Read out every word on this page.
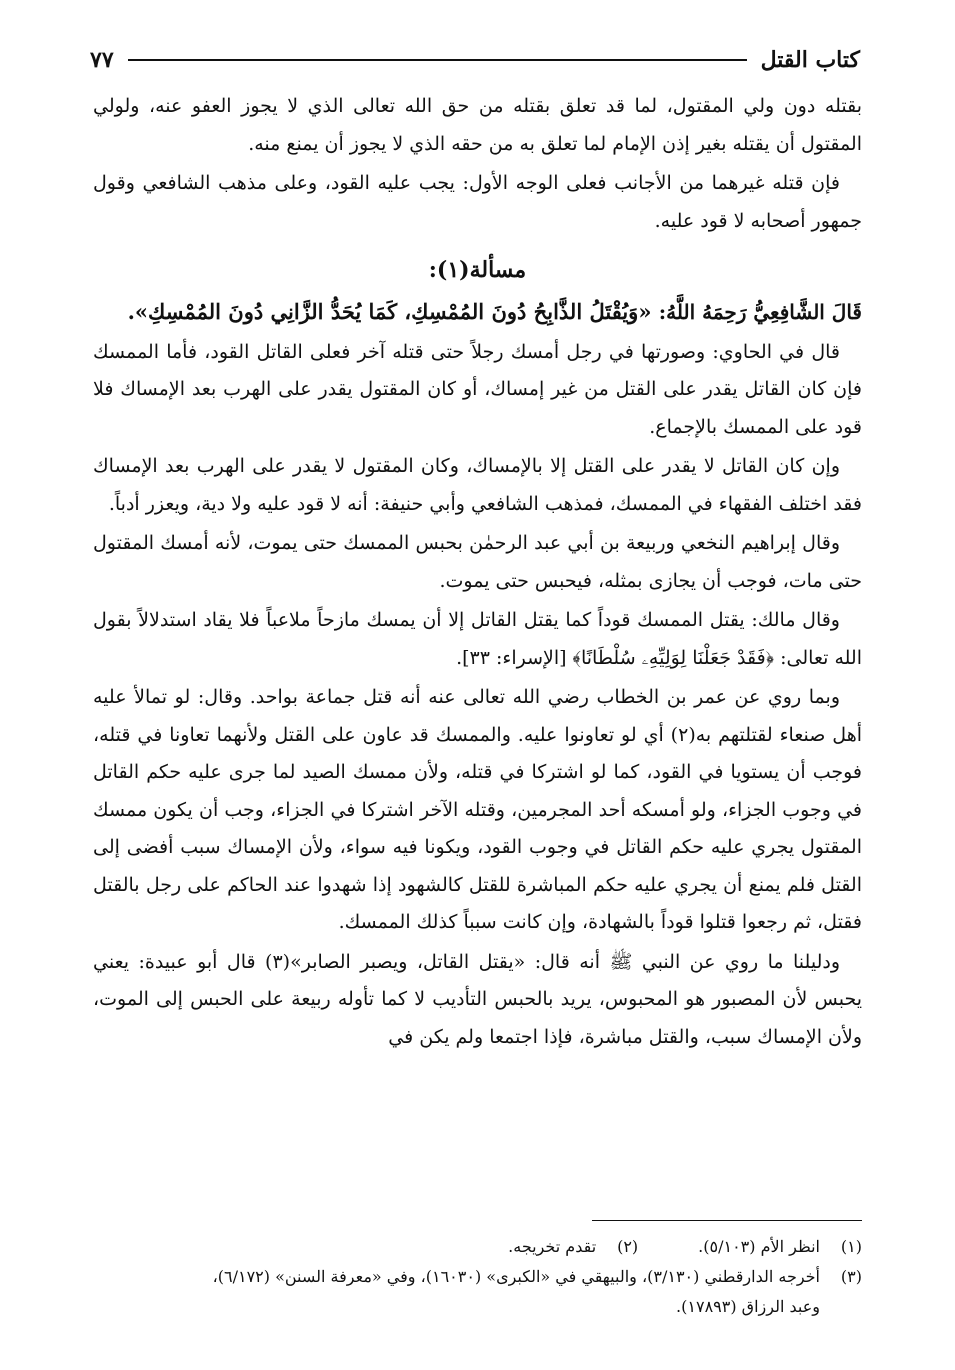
كتاب القتل
٧٧

بقتله دون ولي المقتول، لما قد تعلق بقتله من حق الله تعالى الذي لا يجوز العفو عنه، ولولي المقتول أن يقتله بغير إذن الإمام لما تعلق به من حقه الذي لا يجوز أن يمنع منه.

فإن قتله غيرهما من الأجانب فعلى الوجه الأول: يجب عليه القود، وعلى مذهب الشافعي وقول جمهور أصحابه لا قود عليه.

مسألة(١):
قَالَ الشَّافِعِيُّ رَحِمَهُ اللَّهُ: «وَيُقْتَلُ الذَّابِحُ دُونَ المُمْسِكِ، كَمَا يُحَدُّ الزَّانِي دُونَ المُمْسِكِ».

قال في الحاوي: وصورتها في رجل أمسك رجلاً حتى قتله آخر فعلى القاتل القود، فأما الممسك فإن كان القاتل يقدر على القتل من غير إمساك، أو كان المقتول يقدر على الهرب بعد الإمساك فلا قود على الممسك بالإجماع.

وإن كان القاتل لا يقدر على القتل إلا بالإمساك، وكان المقتول لا يقدر على الهرب بعد الإمساك فقد اختلف الفقهاء في الممسك، فمذهب الشافعي وأبي حنيفة: أنه لا قود عليه ولا دية، ويعزر أدباً.

وقال إبراهيم النخعي وربيعة بن أبي عبد الرحمٰن بحبس الممسك حتى يموت، لأنه أمسك المقتول حتى مات، فوجب أن يجازى بمثله، فيحبس حتى يموت.

وقال مالك: يقتل الممسك قوداً كما يقتل القاتل إلا أن يمسك مازحاً ملاعباً فلا يقاد استدلالاً بقول الله تعالى: ﴿فَقَدْ جَعَلْنَا لِوَلِيِّهِۦ سُلْطَانًا﴾ [الإسراء: ٣٣].

وبما روي عن عمر بن الخطاب رضي الله تعالى عنه أنه قتل جماعة بواحد. وقال: لو تمالأ عليه أهل صنعاء لقتلتهم به(٢) أي لو تعاونوا عليه. والممسك قد عاون على القتل ولأنهما تعاونا في قتله، فوجب أن يستويا في القود، كما لو اشتركا في قتله، ولأن ممسك الصيد لما جرى عليه حكم القاتل في وجوب الجزاء، ولو أمسكه أحد المجرمين، وقتله الآخر اشتركا في الجزاء، وجب أن يكون ممسك المقتول يجري عليه حكم القاتل في وجوب القود، ويكونا فيه سواء، ولأن الإمساك سبب أفضى إلى القتل فلم يمنع أن يجري عليه حكم المباشرة للقتل كالشهود إذا شهدوا عند الحاكم على رجل بالقتل فقتل، ثم رجعوا قتلوا قوداً بالشهادة، وإن كانت سبباً كذلك الممسك.

ودليلنا ما روي عن النبي ﷺ أنه قال: «يقتل القاتل، ويصبر الصابر»(٣) قال أبو عبيدة: يعني يحبس لأن المصبور هو المحبوس، يريد بالحبس التأديب لا كما تأوله ربيعة على الحبس إلى الموت، ولأن الإمساك سبب، والقتل مباشرة، فإذا اجتمعا ولم يكن في

(١)
انظر الأم (٥/١٠٣).
(٢)
تقدم تخريجه.
(٣)
أخرجه الدارقطني (٣/١٣٠)، والبيهقي في «الكبرى» (١٦٠٣٠)، وفي «معرفة السنن» (٦/١٧٢)،
وعبد الرزاق (١٧٨٩٣).
